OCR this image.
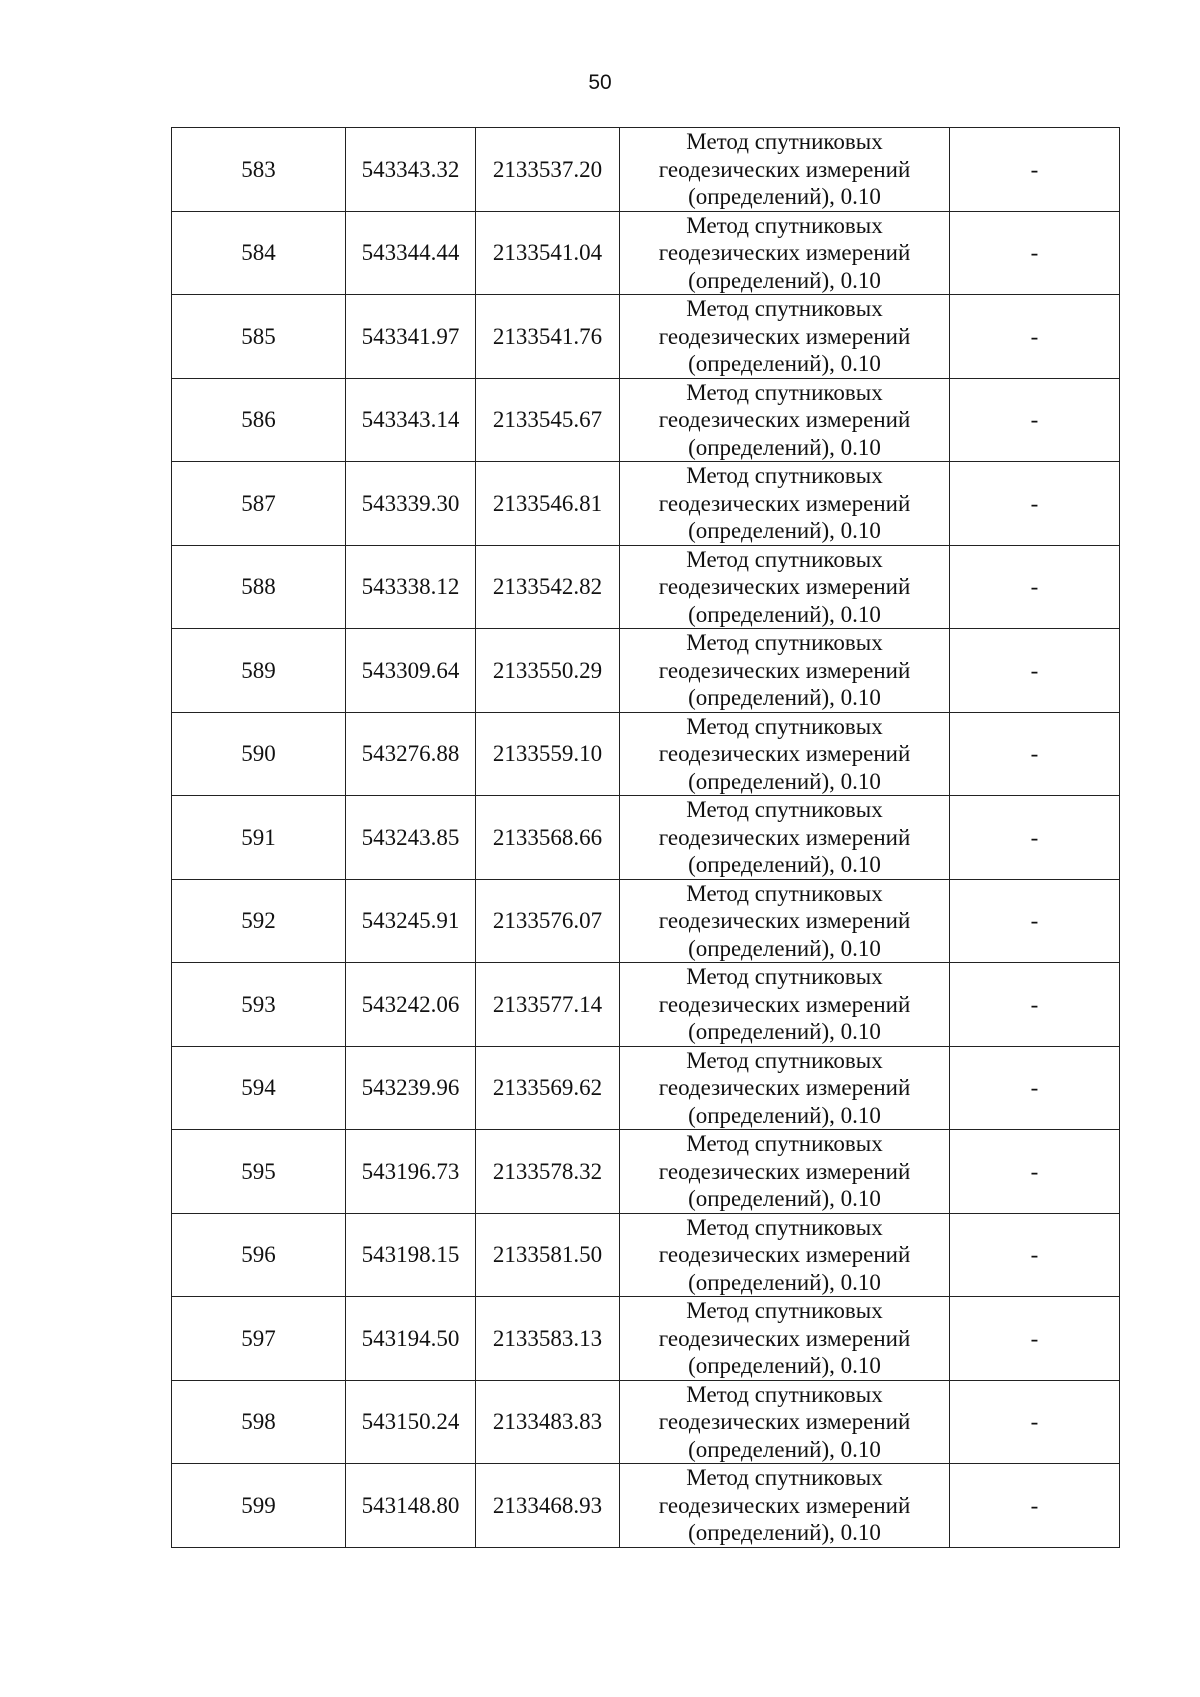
50
583	543343.32	2133537.20	Метод спутниковых
геодезических измерений
(определений), 0.10	-
584	543344.44	2133541.04	Метод спутниковых
геодезических измерений
(определений), 0.10	-
585	543341.97	2133541.76	Метод спутниковых
геодезических измерений
(определений), 0.10	-
586	543343.14	2133545.67	Метод спутниковых
геодезических измерений
(определений), 0.10	-
587	543339.30	2133546.81	Метод спутниковых
геодезических измерений
(определений), 0.10	-
588	543338.12	2133542.82	Метод спутниковых
геодезических измерений
(определений), 0.10	-
589	543309.64	2133550.29	Метод спутниковых
геодезических измерений
(определений), 0.10	-
590	543276.88	2133559.10	Метод спутниковых
геодезических измерений
(определений), 0.10	-
591	543243.85	2133568.66	Метод спутниковых
геодезических измерений
(определений), 0.10	-
592	543245.91	2133576.07	Метод спутниковых
геодезических измерений
(определений), 0.10	-
593	543242.06	2133577.14	Метод спутниковых
геодезических измерений
(определений), 0.10	-
594	543239.96	2133569.62	Метод спутниковых
геодезических измерений
(определений), 0.10	-
595	543196.73	2133578.32	Метод спутниковых
геодезических измерений
(определений), 0.10	-
596	543198.15	2133581.50	Метод спутниковых
геодезических измерений
(определений), 0.10	-
597	543194.50	2133583.13	Метод спутниковых
геодезических измерений
(определений), 0.10	-
598	543150.24	2133483.83	Метод спутниковых
геодезических измерений
(определений), 0.10	-
599	543148.80	2133468.93	Метод спутниковых
геодезических измерений
(определений), 0.10	-
